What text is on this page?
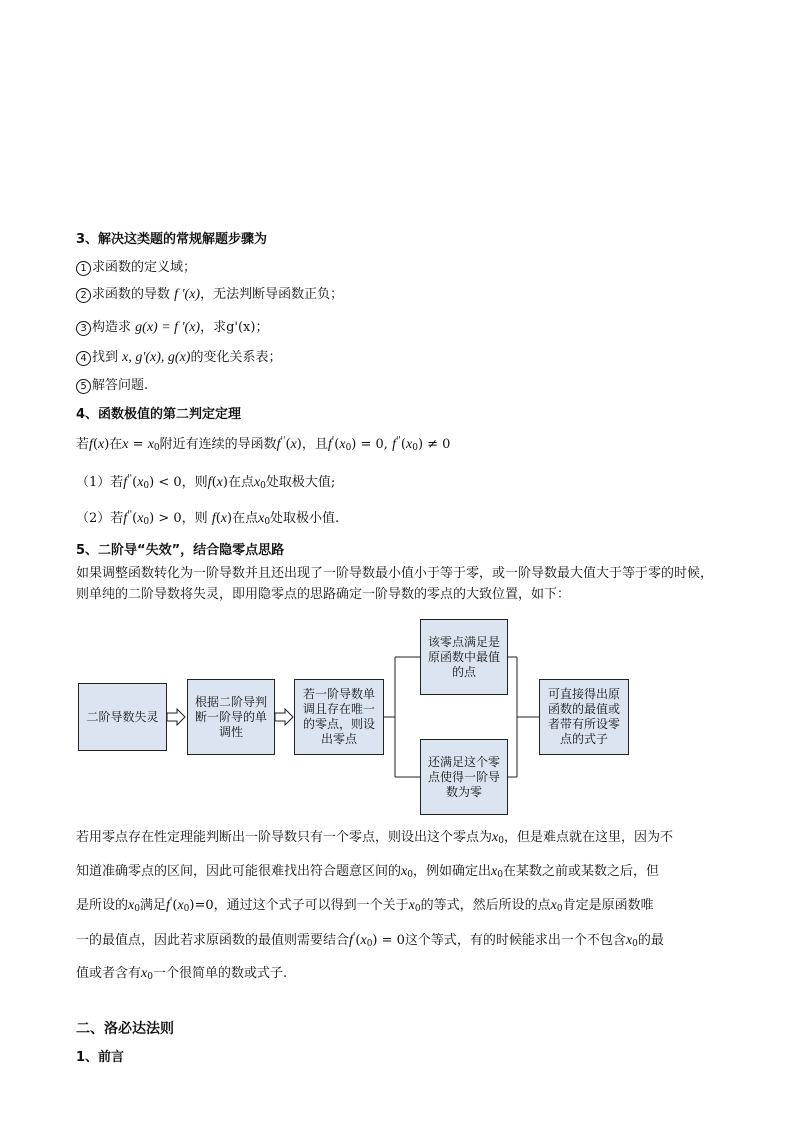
3、解决这类题的常规解题步骤为
1 求函数的定义域；
2 求函数的导数 f '(x)，无法判断导函数正负；
3 构造求 g(x) = f '(x)，求g'(x)；
4 找到 x, g'(x), g(x)的变化关系表；
5 解答问题.
4、函数极值的第二判定定理
若f(x)在$x = x_0$附近有连续的导函数f''(x)，且$f'(x_0) = 0$, $f''(x_0) \ne 0$
（1）若$f''(x_0) < 0$，则f(x)在点$x_0$处取极大值;
（2）若$f''(x_0) > 0$，则 f(x)在点$x_0$处取极小值.
5、二阶导“失效”，结合隐零点思路
如果调整函数转化为一阶导数并且还出现了一阶导数最小值小于等于零，或一阶导数最大值大于等于零的时候，则单纯的二阶导数将失灵，即用隐零点的思路确定一阶导数的零点的大致位置，如下：
二阶导数失灵
根据二阶导判断一阶导的单调性
若一阶导数单调且存在唯一的零点，则设出零点
该零点满足是原函数中最值的点
还满足这个零点使得一阶导数为零
可直接得出原函数的最值或者带有所设零点的式子
若用零点存在性定理能判断出一阶导数只有一个零点，则设出这个零点为$x_0$，但是难点就在这里，因为不
知道准确零点的区间，因此可能很难找出符合题意区间的$x_0$，例如确定出$x_0$在某数之前或某数之后，但
是所设的$x_0$满足$f'(x_0)=0$，通过这个式子可以得到一个关于$x_0$的等式，然后所设的点$x_0$肯定是原函数唯
一的最值点，因此若求原函数的最值则需要结合$f'(x_0) = 0$这个等式，有的时候能求出一个不包含$x_0$的最
值或者含有$x_0$一个很简单的数或式子.
二、洛必达法则
1、前言
